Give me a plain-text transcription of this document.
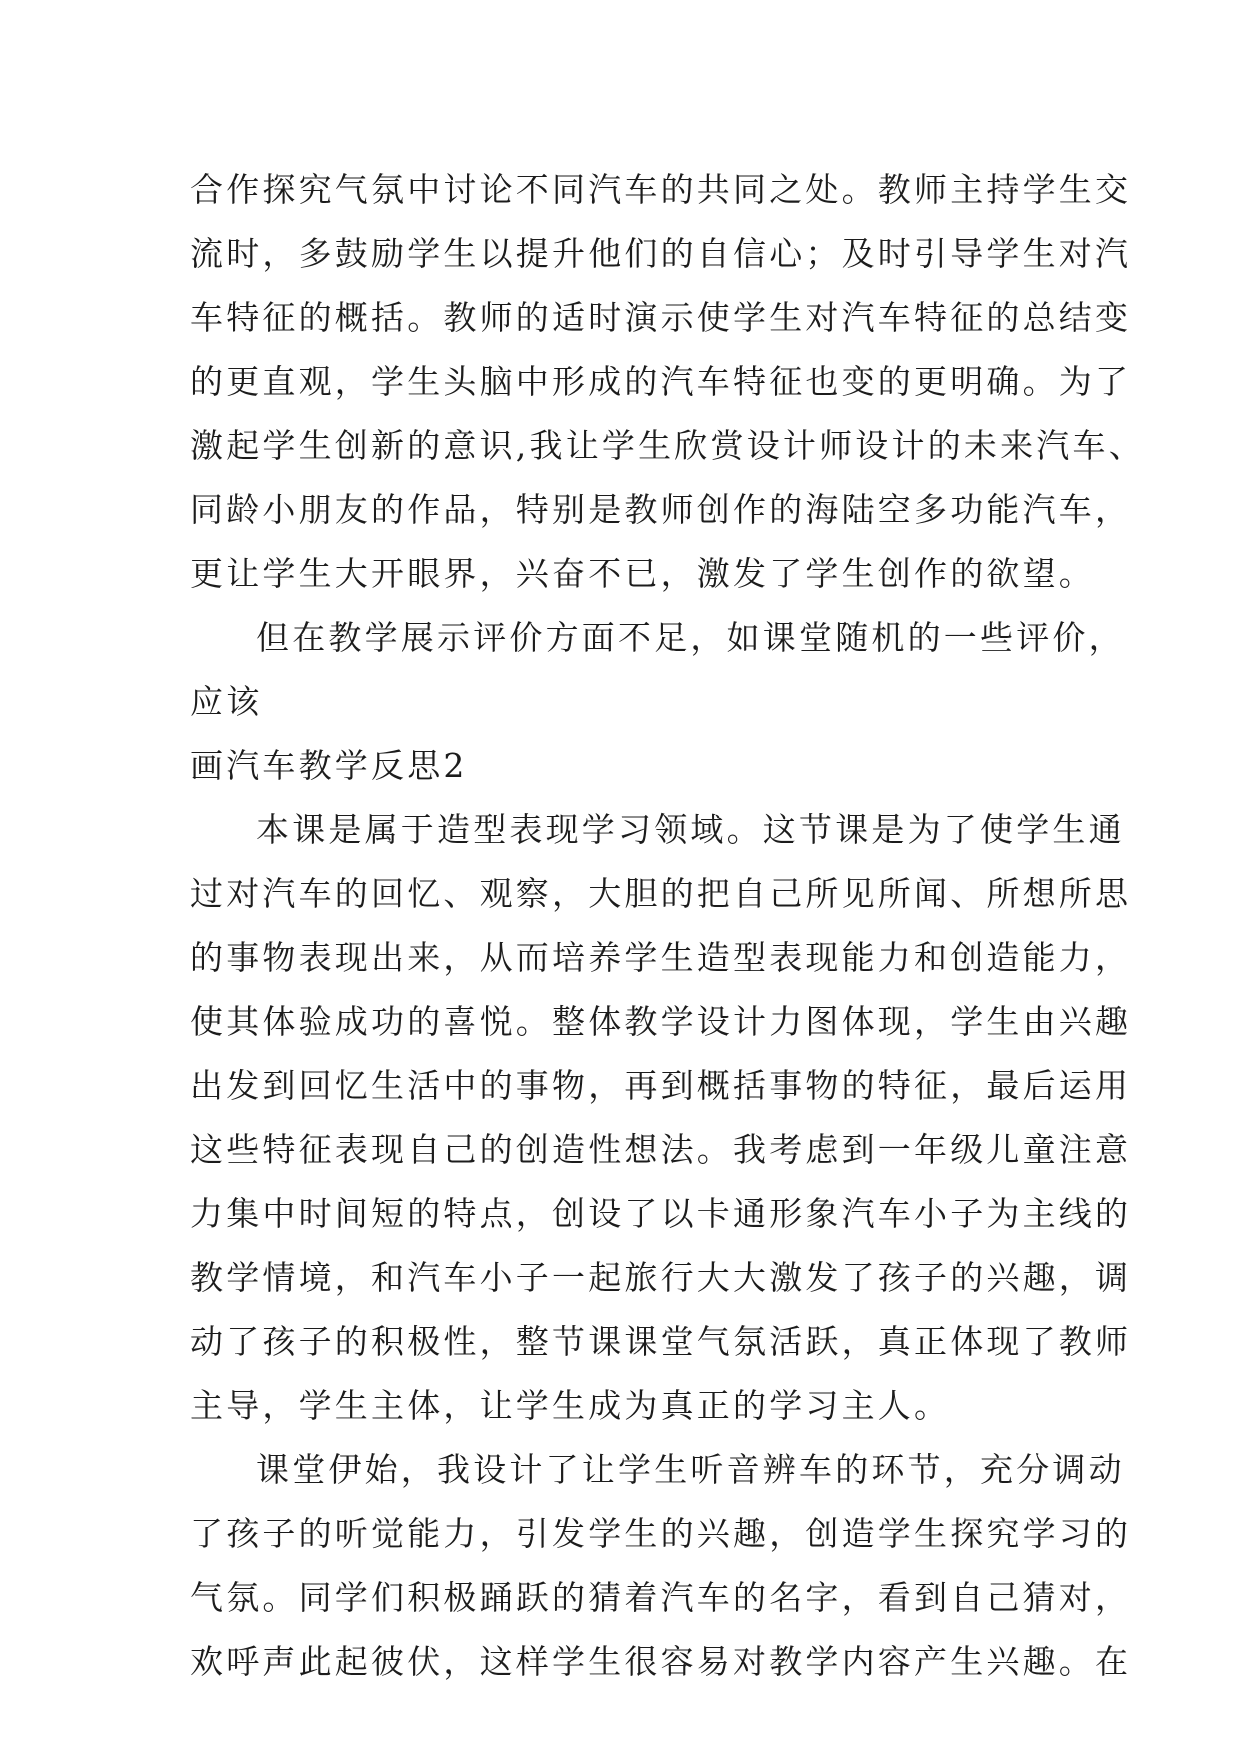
合作探究气氛中讨论不同汽车的共同之处。教师主持学生交
流时，多鼓励学生以提升他们的自信心；及时引导学生对汽
车特征的概括。教师的适时演示使学生对汽车特征的总结变
的更直观，学生头脑中形成的汽车特征也变的更明确。为了
激起学生创新的意识,我让学生欣赏设计师设计的未来汽车、
同龄小朋友的作品，特别是教师创作的海陆空多功能汽车，
更让学生大开眼界，兴奋不已，激发了学生创作的欲望。
但在教学展示评价方面不足，如课堂随机的一些评价，
应该
画汽车教学反思2
本课是属于造型表现学习领域。这节课是为了使学生通
过对汽车的回忆、观察，大胆的把自己所见所闻、所想所思
的事物表现出来，从而培养学生造型表现能力和创造能力，
使其体验成功的喜悦。整体教学设计力图体现，学生由兴趣
出发到回忆生活中的事物，再到概括事物的特征，最后运用
这些特征表现自己的创造性想法。我考虑到一年级儿童注意
力集中时间短的特点，创设了以卡通形象汽车小子为主线的
教学情境，和汽车小子一起旅行大大激发了孩子的兴趣，调
动了孩子的积极性，整节课课堂气氛活跃，真正体现了教师
主导，学生主体，让学生成为真正的学习主人。
课堂伊始，我设计了让学生听音辨车的环节，充分调动
了孩子的听觉能力，引发学生的兴趣，创造学生探究学习的
气氛。同学们积极踊跃的猜着汽车的名字，看到自己猜对，
欢呼声此起彼伏，这样学生很容易对教学内容产生兴趣。在
